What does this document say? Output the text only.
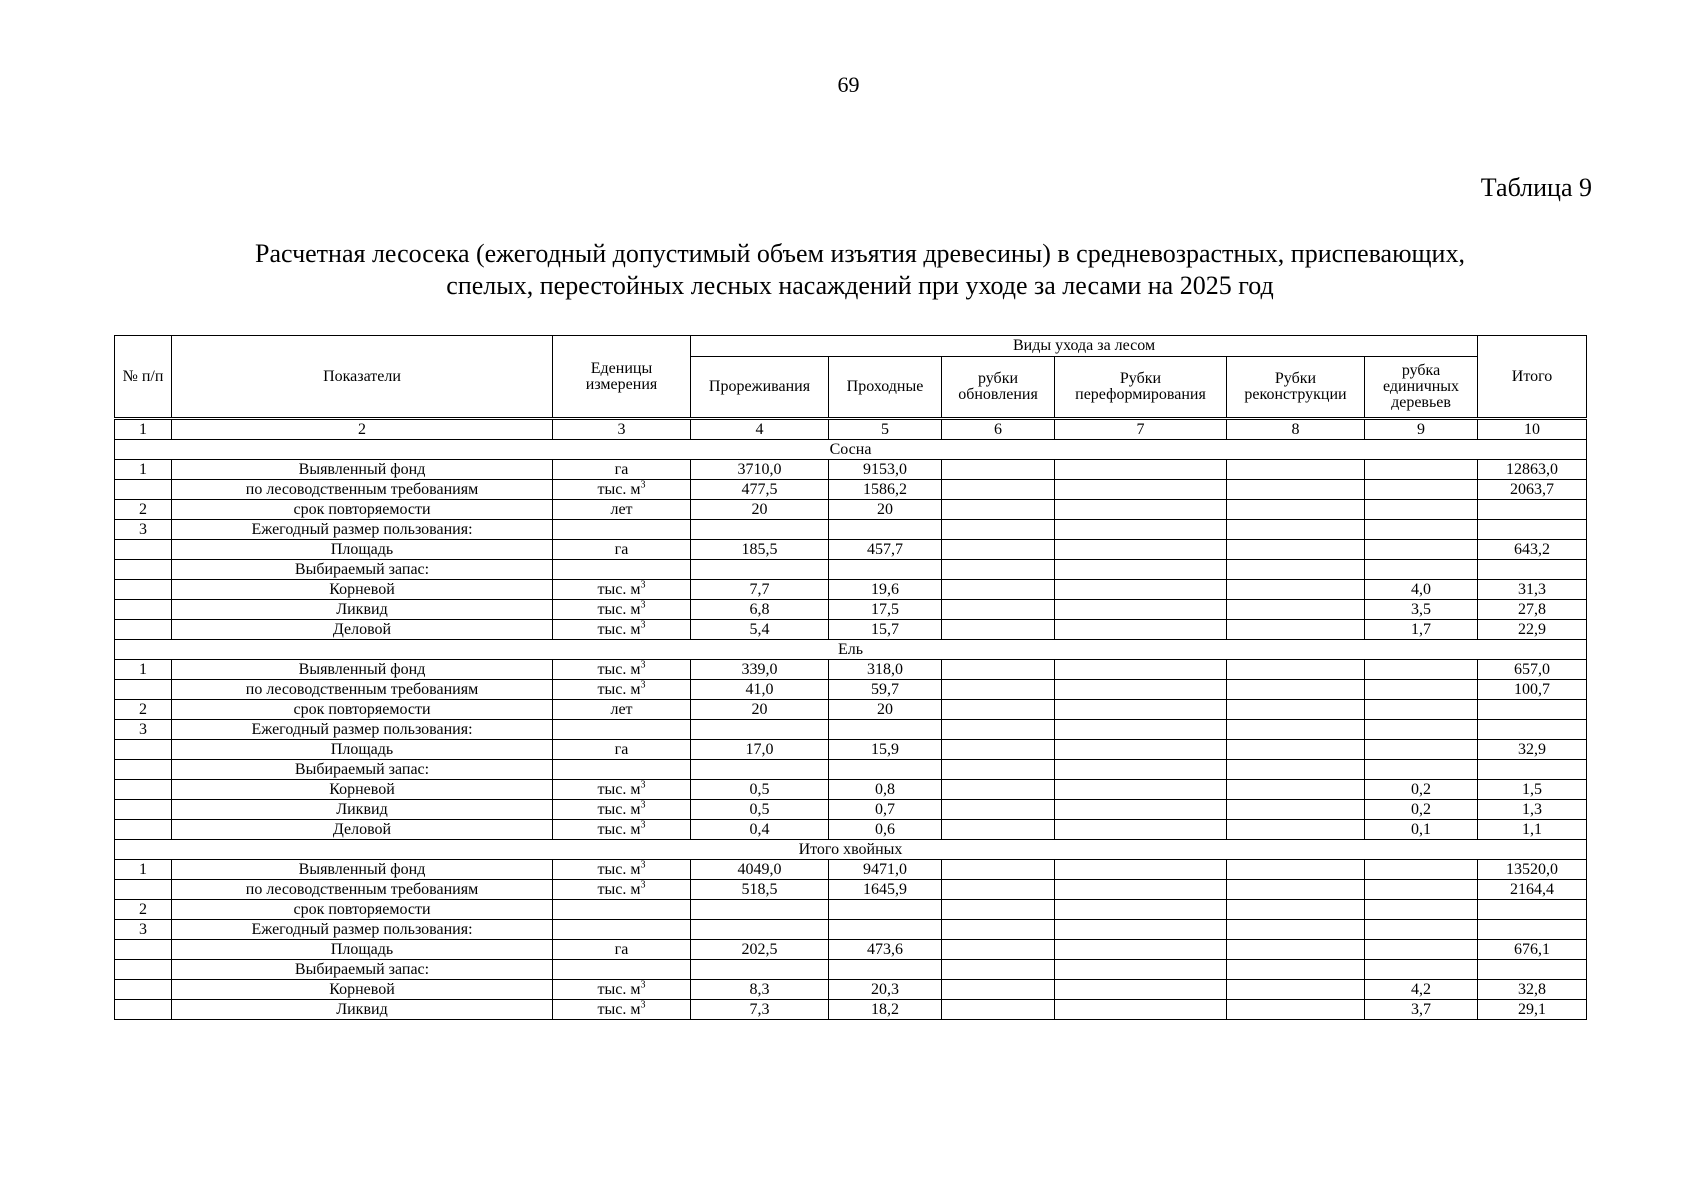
69
Таблица 9
Расчетная лесосека (ежегодный допустимый объем изъятия древесины) в средневозрастных, приспевающих,
спелых, перестойных лесных насаждений при уходе за лесами на 2025 год
№ п/п	Показатели	Еденицы измерения	Виды ухода за лесом						Итого
			Прореживания	Проходные	рубки обновления	Рубки переформирования	Рубки реконструкции	рубка единичных деревьев	
1	2	3	4	5	6	7	8	9	10
Сосна									
1	Выявленный фонд	га	3710,0	9153,0					12863,0
	по лесоводственным требованиям	тыс. $м^3$	477,5	1586,2					2063,7
2	срок повторяемости	лет	20	20					
3	Ежегодный размер пользования:								
	Площадь	га	185,5	457,7					643,2
	Выбираемый запас:								
	Корневой	тыс. $м^3$	7,7	19,6				4,0	31,3
	Ликвид	тыс. $м^3$	6,8	17,5				3,5	27,8
	Деловой	тыс. $м^3$	5,4	15,7				1,7	22,9
Ель									
1	Выявленный фонд	тыс. $м^3$	339,0	318,0					657,0
	по лесоводственным требованиям	тыс. $м^3$	41,0	59,7					100,7
2	срок повторяемости	лет	20	20					
3	Ежегодный размер пользования:								
	Площадь	га	17,0	15,9					32,9
	Выбираемый запас:								
	Корневой	тыс. $м^3$	0,5	0,8				0,2	1,5
	Ликвид	тыс. $м^3$	0,5	0,7				0,2	1,3
	Деловой	тыс. $м^3$	0,4	0,6				0,1	1,1
Итого хвойных									
1	Выявленный фонд	тыс. $м^3$	4049,0	9471,0					13520,0
	по лесоводственным требованиям	тыс. $м^3$	518,5	1645,9					2164,4
2	срок повторяемости								
3	Ежегодный размер пользования:								
	Площадь	га	202,5	473,6					676,1
	Выбираемый запас:								
	Корневой	тыс. $м^3$	8,3	20,3				4,2	32,8
	Ликвид	тыс. $м^3$	7,3	18,2				3,7	29,1
